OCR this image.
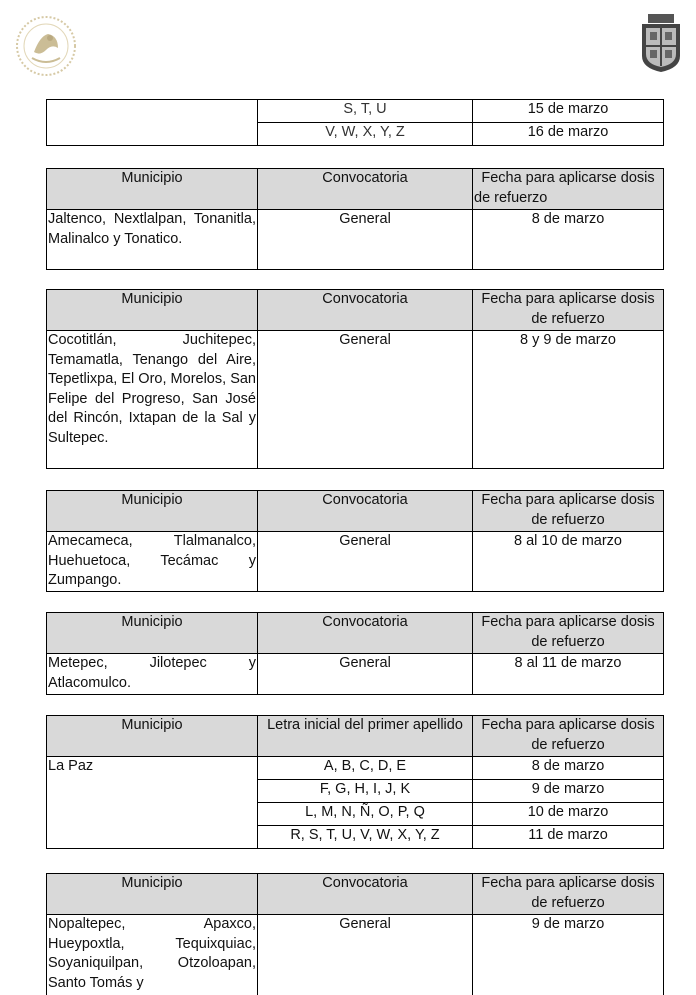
	S, T, U	15 de marzo
	V, W, X, Y, Z	16 de marzo
Municipio	Convocatoria	Fecha para aplicarse dosis de refuerzo
Jaltenco, Nextlalpan, Tonanitla, Malinalco y Tonatico.	General	8 de marzo
Municipio	Convocatoria	Fecha para aplicarse dosis de refuerzo
Cocotitlán, Juchitepec, Temamatla, Tenango del Aire, Tepetlixpa, El Oro, Morelos, San Felipe del Progreso, San José del Rincón, Ixtapan de la Sal y Sultepec.	General	8 y 9 de marzo
Municipio	Convocatoria	Fecha para aplicarse dosis de refuerzo
Amecameca, Tlalmanalco, Huehuetoca, Tecámac y Zumpango.	General	8 al 10 de marzo
Municipio	Convocatoria	Fecha para aplicarse dosis de refuerzo
Metepec, Jilotepec y Atlacomulco.	General	8 al 11 de marzo
Municipio	Letra inicial del primer apellido	Fecha para aplicarse dosis de refuerzo
La Paz	A, B, C, D, E	8 de marzo
	F, G, H, I, J, K	9 de marzo
	L, M, N, Ñ, O, P, Q	10 de marzo
	R, S, T, U, V, W, X, Y, Z	11 de marzo
Municipio	Convocatoria	Fecha para aplicarse dosis de refuerzo
Nopaltepec, Apaxco, Hueypoxtla, Tequixquiac, Soyaniquilpan, Otzoloapan, Santo Tomás y	General	9 de marzo
